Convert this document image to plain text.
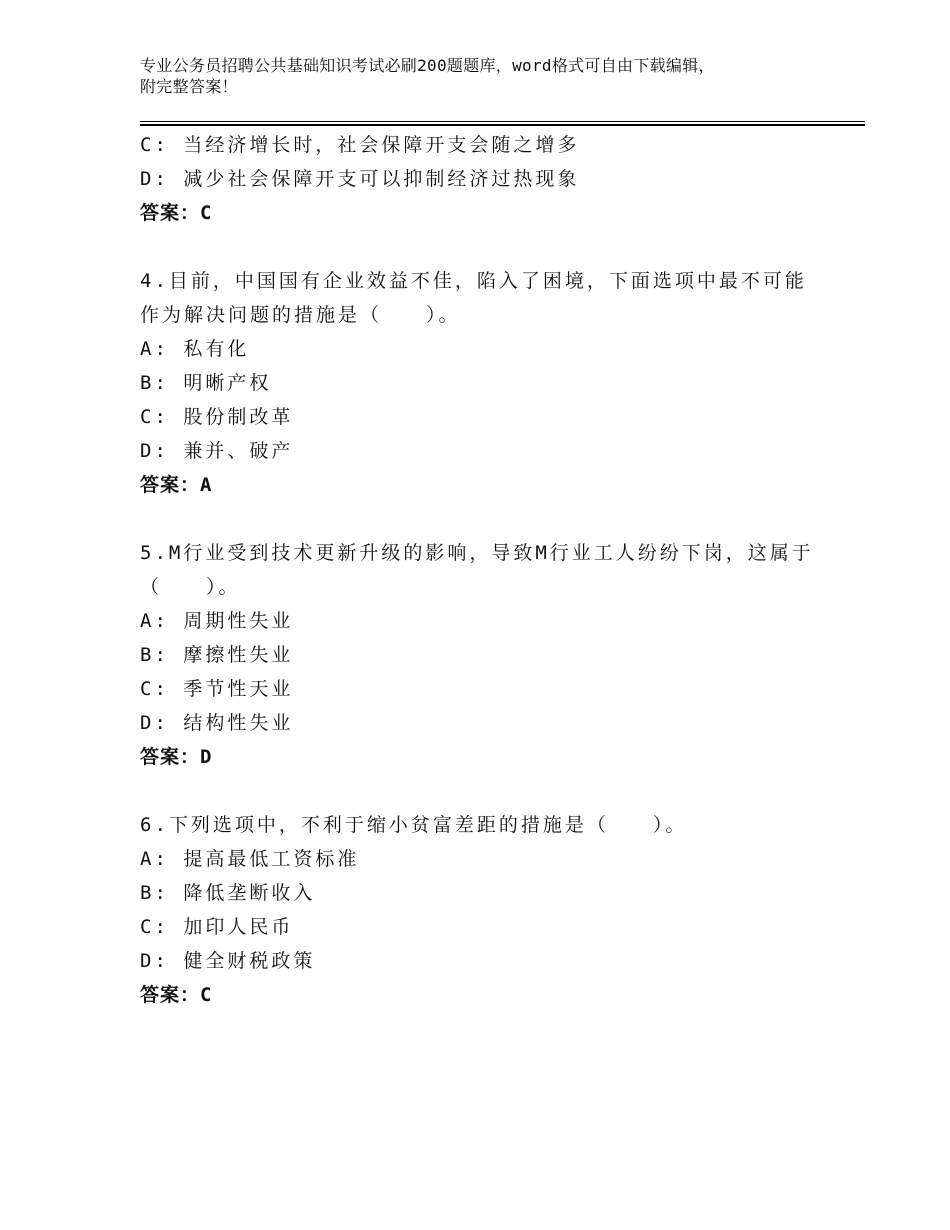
专业公务员招聘公共基础知识考试必刷200题题库，word格式可自由下载编辑，
附完整答案！
C: 当经济增长时，社会保障开支会随之增多
D: 减少社会保障开支可以抑制经济过热现象
答案：C
4.目前，中国国有企业效益不佳，陷入了困境，下面选项中最不可能
作为解决问题的措施是（　　）。
A: 私有化
B: 明晰产权
C: 股份制改革
D: 兼并、破产
答案：A
5.M行业受到技术更新升级的影响，导致M行业工人纷纷下岗，这属于
（　　）。
A: 周期性失业
B: 摩擦性失业
C: 季节性天业
D: 结构性失业
答案：D
6.下列选项中，不利于缩小贫富差距的措施是（　　）。
A: 提高最低工资标准
B: 降低垄断收入
C: 加印人民币
D: 健全财税政策
答案：C
